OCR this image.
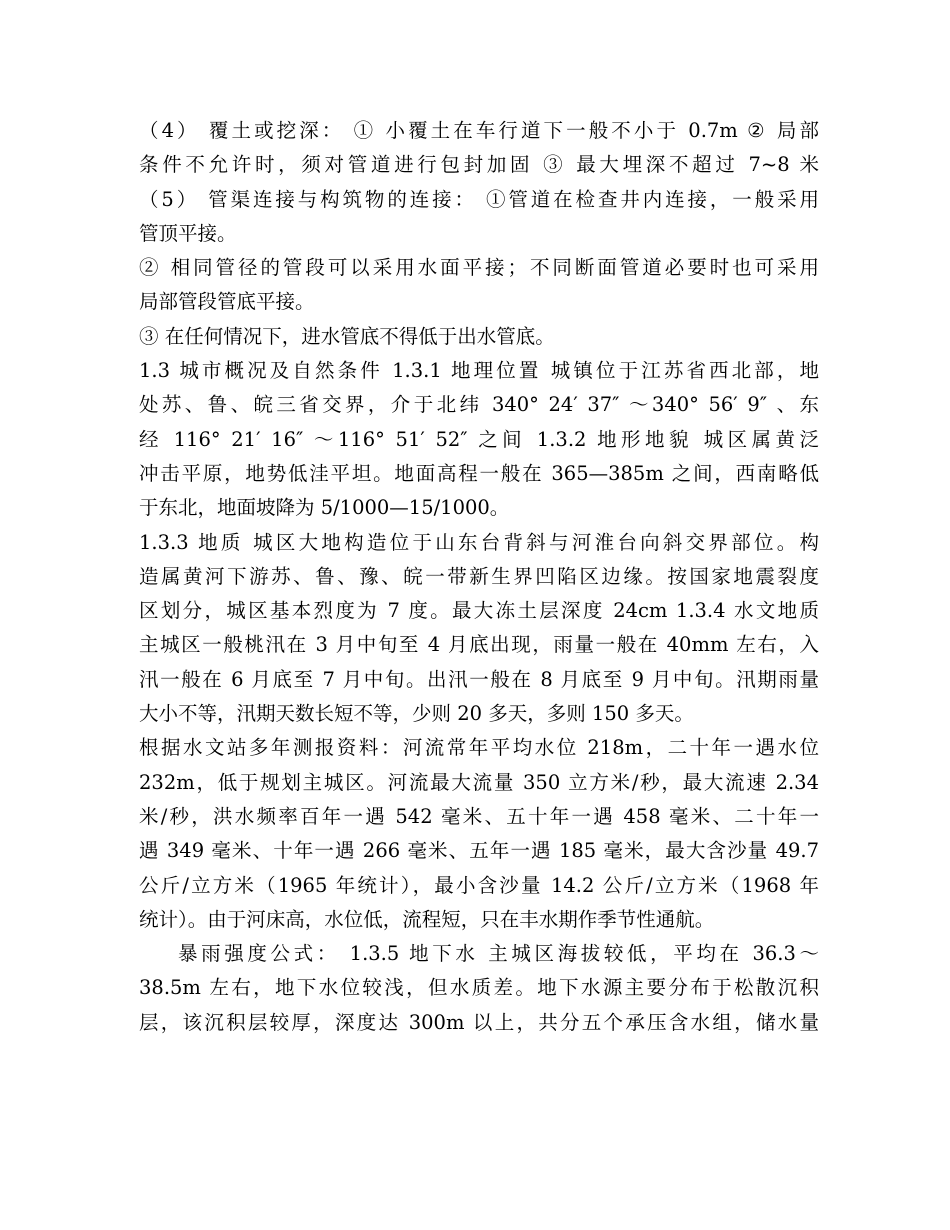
（4） 覆土或挖深： ① 小覆土在车行道下一般不小于 0.7m ② 局部
条件不允许时，须对管道进行包封加固 ③ 最大埋深不超过 7~8 米
（5） 管渠连接与构筑物的连接： ①管道在检查井内连接，一般采用
管顶平接。
② 相同管径的管段可以采用水面平接；不同断面管道必要时也可采用
局部管段管底平接。
③ 在任何情况下，进水管底不得低于出水管底。
1.3 城市概况及自然条件 1.3.1 地理位置 城镇位于江苏省西北部，地
处苏、鲁、皖三省交界，介于北纬 340° 24′ 37″ ～340° 56′ 9″ 、东
经 116° 21′ 16″ ～116° 51′ 52″ 之间 1.3.2 地形地貌 城区属黄泛
冲击平原，地势低洼平坦。地面高程一般在 365—385m 之间，西南略低
于东北，地面坡降为 5/1000—15/1000。
1.3.3 地质 城区大地构造位于山东台背斜与河淮台向斜交界部位。构
造属黄河下游苏、鲁、豫、皖一带新生界凹陷区边缘。按国家地震裂度
区划分，城区基本烈度为 7 度。最大冻土层深度 24cm 1.3.4 水文地质
主城区一般桃汛在 3 月中旬至 4 月底出现，雨量一般在 40mm 左右，入
汛一般在 6 月底至 7 月中旬。出汛一般在 8 月底至 9 月中旬。汛期雨量
大小不等，汛期天数长短不等，少则 20 多天，多则 150 多天。
根据水文站多年测报资料：河流常年平均水位 218m，二十年一遇水位
232m，低于规划主城区。河流最大流量 350 立方米/秒，最大流速 2.34
米/秒，洪水频率百年一遇 542 毫米、五十年一遇 458 毫米、二十年一
遇 349 毫米、十年一遇 266 毫米、五年一遇 185 毫米，最大含沙量 49.7
公斤/立方米（1965 年统计），最小含沙量 14.2 公斤/立方米（1968 年
统计）。由于河床高，水位低，流程短，只在丰水期作季节性通航。
暴雨强度公式： 1.3.5 地下水 主城区海拔较低，平均在 36.3～
38.5m 左右，地下水位较浅，但水质差。地下水源主要分布于松散沉积
层，该沉积层较厚，深度达 300m 以上，共分五个承压含水组，储水量
